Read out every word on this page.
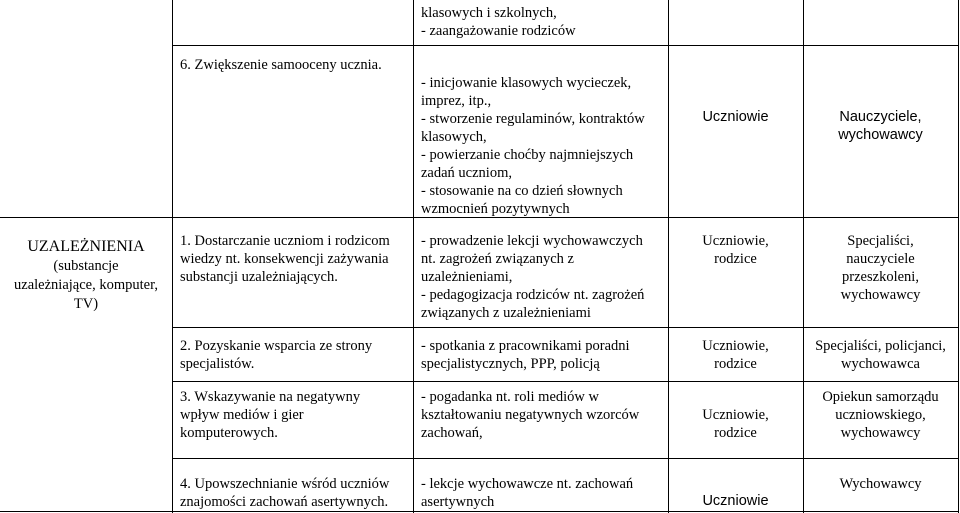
klasowych i szkolnych,
- zaangażowanie rodziców
6. Zwiększenie samooceny ucznia.
- inicjowanie klasowych wycieczek,
imprez, itp.,
- stworzenie regulaminów, kontraktów
klasowych,
- powierzanie choćby najmniejszych
zadań uczniom,
- stosowanie na co dzień słownych
wzmocnień pozytywnych
Uczniowie	Nauczyciele,
wychowawcy
UZALEŻNIENIA
(substancje
uzależniające, komputer,
TV)
1. Dostarczanie uczniom i rodzicom
wiedzy nt. konsekwencji zażywania
substancji uzależniających.
- prowadzenie lekcji wychowawczych
nt. zagrożeń związanych z
uzależnieniami,
- pedagogizacja rodziców nt. zagrożeń
związanych z uzależnieniami
Uczniowie,
rodzice
Specjaliści,
nauczyciele
przeszkoleni,
wychowawcy
2. Pozyskanie wsparcia ze strony
specjalistów.
- spotkania z pracownikami poradni
specjalistycznych, PPP, policją
Uczniowie,
rodzice
Specjaliści, policjanci,
wychowawca
3. Wskazywanie na negatywny
wpływ mediów i gier
komputerowych.
- pogadanka nt. roli mediów w
kształtowaniu negatywnych wzorców
zachowań,
Uczniowie,
rodzice
Opiekun samorządu
uczniowskiego,
wychowawcy
4. Upowszechnianie wśród uczniów
znajomości zachowań asertywnych.
- lekcje wychowawcze nt. zachowań
asertywnych	Uczniowie
Wychowawcy
